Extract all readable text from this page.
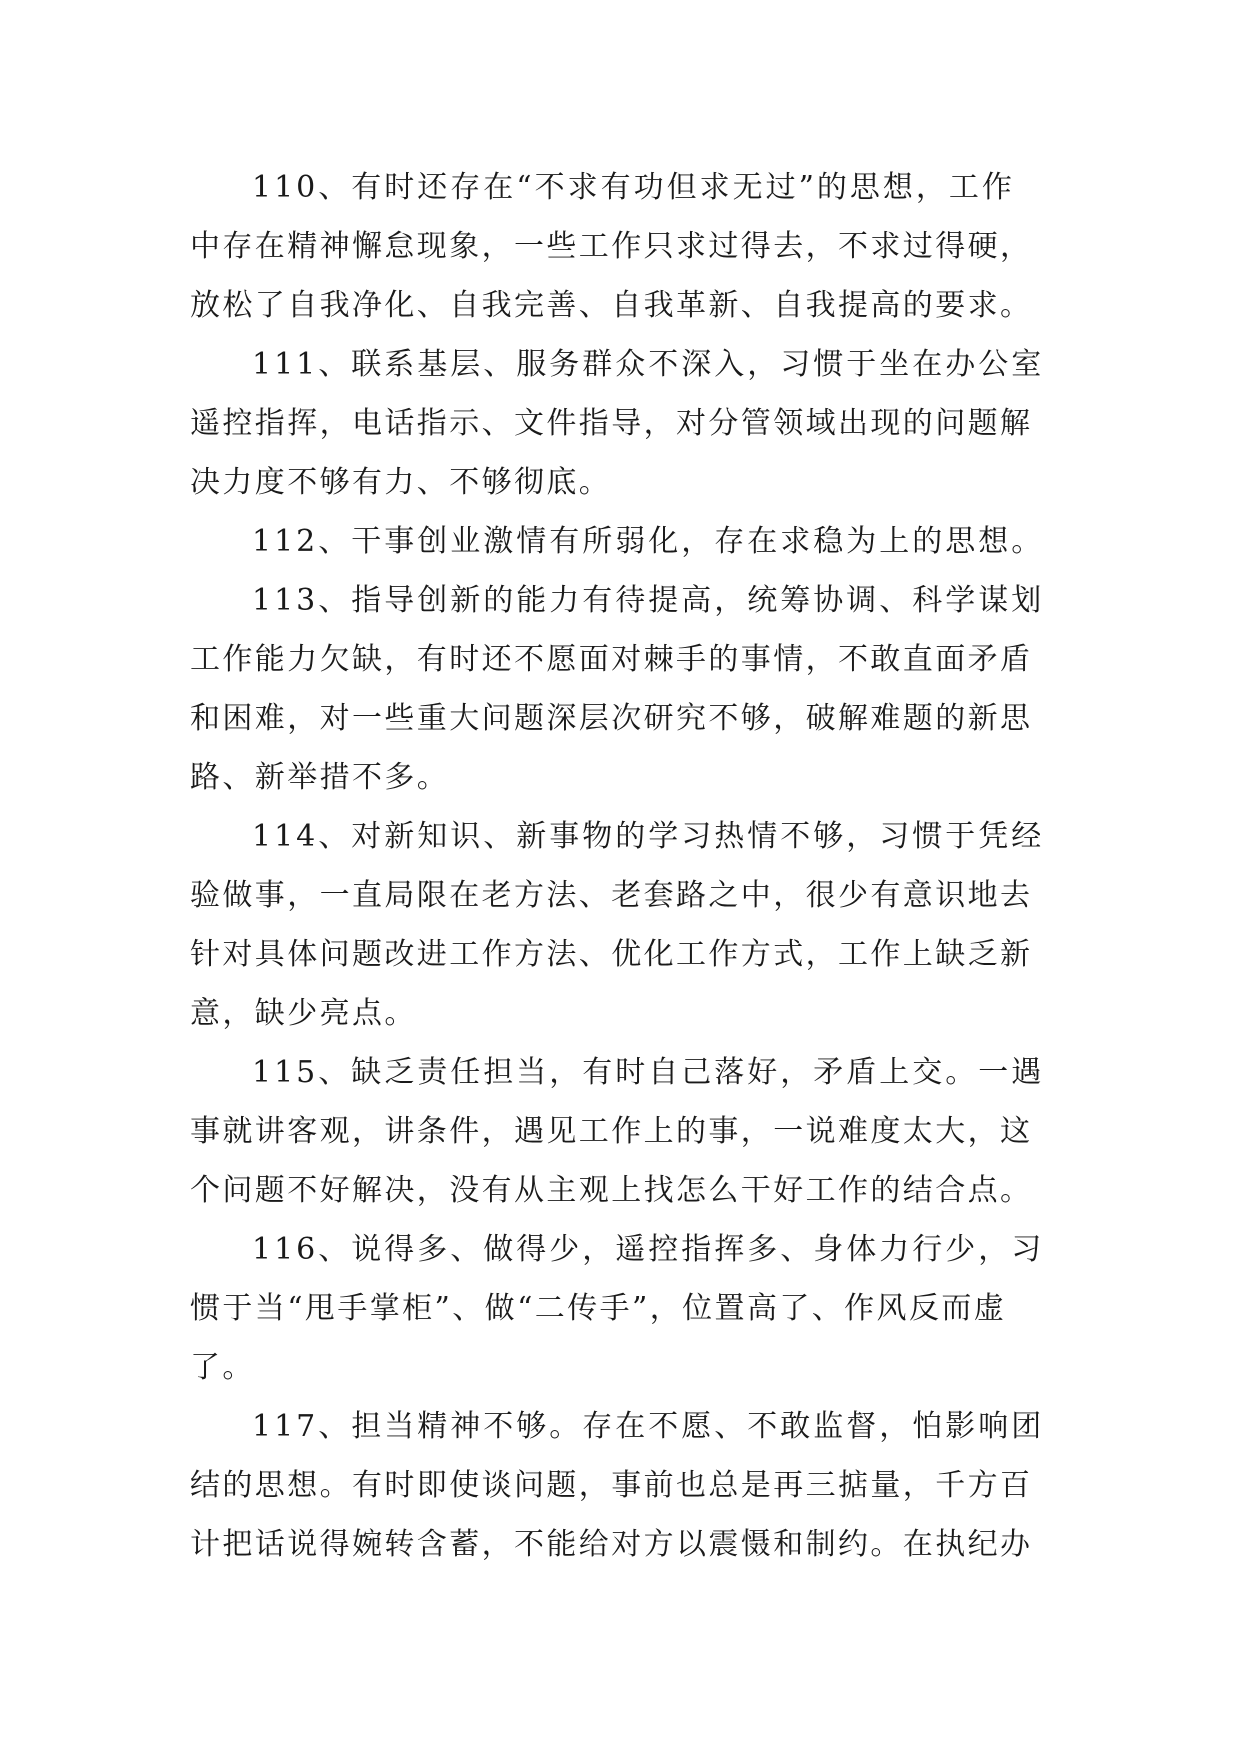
110、有时还存在“不求有功但求无过”的思想，工作
中存在精神懈怠现象，一些工作只求过得去，不求过得硬，
放松了自我净化、自我完善、自我革新、自我提高的要求。
111、联系基层、服务群众不深入，习惯于坐在办公室
遥控指挥，电话指示、文件指导，对分管领域出现的问题解
决力度不够有力、不够彻底。
112、干事创业激情有所弱化，存在求稳为上的思想。
113、指导创新的能力有待提高，统筹协调、科学谋划
工作能力欠缺，有时还不愿面对棘手的事情，不敢直面矛盾
和困难，对一些重大问题深层次研究不够，破解难题的新思
路、新举措不多。
114、对新知识、新事物的学习热情不够，习惯于凭经
验做事，一直局限在老方法、老套路之中，很少有意识地去
针对具体问题改进工作方法、优化工作方式，工作上缺乏新
意，缺少亮点。
115、缺乏责任担当，有时自己落好，矛盾上交。一遇
事就讲客观，讲条件，遇见工作上的事，一说难度太大，这
个问题不好解决，没有从主观上找怎么干好工作的结合点。
116、说得多、做得少，遥控指挥多、身体力行少，习
惯于当“甩手掌柜”、做“二传手”，位置高了、作风反而虚
了。
117、担当精神不够。存在不愿、不敢监督，怕影响团
结的思想。有时即使谈问题，事前也总是再三掂量，千方百
计把话说得婉转含蓄，不能给对方以震慑和制约。在执纪办
